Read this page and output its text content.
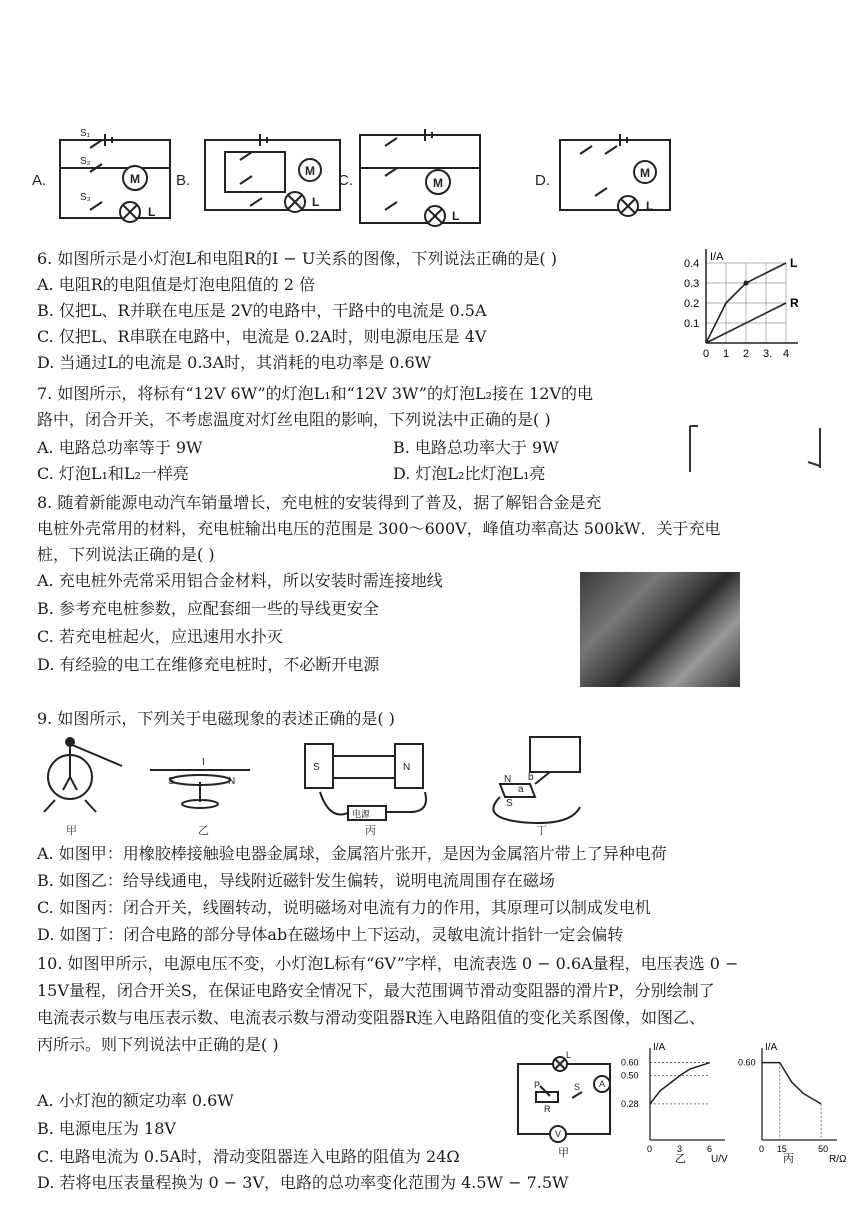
A.	B.	C.	D.
M
M
M
M
L
L
L
L
S₁
S₂
S₃
6. 如图所示是小灯泡L和电阻R的I − U关系的图像，下列说法正确的是( )
A. 电阻R的电阻值是灯泡电阻值的 2 倍
B. 仅把L、R并联在电压是 2V的电路中，干路中的电流是 0.5A
C. 仅把L、R串联在电路中，电流是 0.2A时，则电源电压是 4V
D. 当通过L的电流是 0.3A时，其消耗的电功率是 0.6W
I/A
0.1
0.2
0.3
0.4
0 1 2 3. 4
L
R
7. 如图所示，将标有“12V 6W”的灯泡L₁和“12V 3W”的灯泡L₂接在 12V的电
路中，闭合开关，不考虑温度对灯丝电阻的影响，下列说法中正确的是( )
A. 电路总功率等于 9W	B. 电路总功率大于 9W
C. 灯泡L₁和L₂一样亮	D. 灯泡L₂比灯泡L₁亮
8. 随着新能源电动汽车销量增长，充电桩的安装得到了普及，据了解铝合金是充
电桩外壳常用的材料，充电桩输出电压的范围是 300～600V，峰值功率高达 500kW．关于充电
桩，下列说法正确的是( )
A. 充电桩外壳常采用铝合金材料，所以安装时需连接地线
B. 参考充电桩参数，应配套细一些的导线更安全
C. 若充电桩起火，应迅速用水扑灭
D. 有经验的电工在维修充电桩时，不必断开电源
9. 如图所示，下列关于电磁现象的表述正确的是( )
S	N
I	S	N
电源
N
S
a
b
甲	乙	丙	丁
A. 如图甲：用橡胶棒接触验电器金属球，金属箔片张开，是因为金属箔片带上了异种电荷
B. 如图乙：给导线通电，导线附近磁针发生偏转，说明电流周围存在磁场
C. 如图丙：闭合开关，线圈转动，说明磁场对电流有力的作用，其原理可以制成发电机
D. 如图丁：闭合电路的部分导体ab在磁场中上下运动，灵敏电流计指针一定会偏转
10. 如图甲所示，电源电压不变，小灯泡L标有“6V”字样，电流表选 0 − 0.6A量程，电压表选 0 −
15V量程，闭合开关S，在保证电路安全情况下，最大范围调节滑动变阻器的滑片P，分别绘制了
电流表示数与电压表示数、电流表示数与滑动变阻器R连入电路阻值的变化关系图像，如图乙、
丙所示。则下列说法中正确的是( )
A. 小灯泡的额定功率 0.6W
B. 电源电压为 18V
C. 电路电流为 0.5A时，滑动变阻器连入电路的阻值为 24Ω
D. 若将电压表量程换为 0 − 3V，电路的总功率变化范围为 4.5W − 7.5W
L
A
R
P	S
V
甲
I/A
U/V
0.60
0.50
0.28
0	3	6
乙
I/A
R/Ω
0.60
0 15	50
丙
